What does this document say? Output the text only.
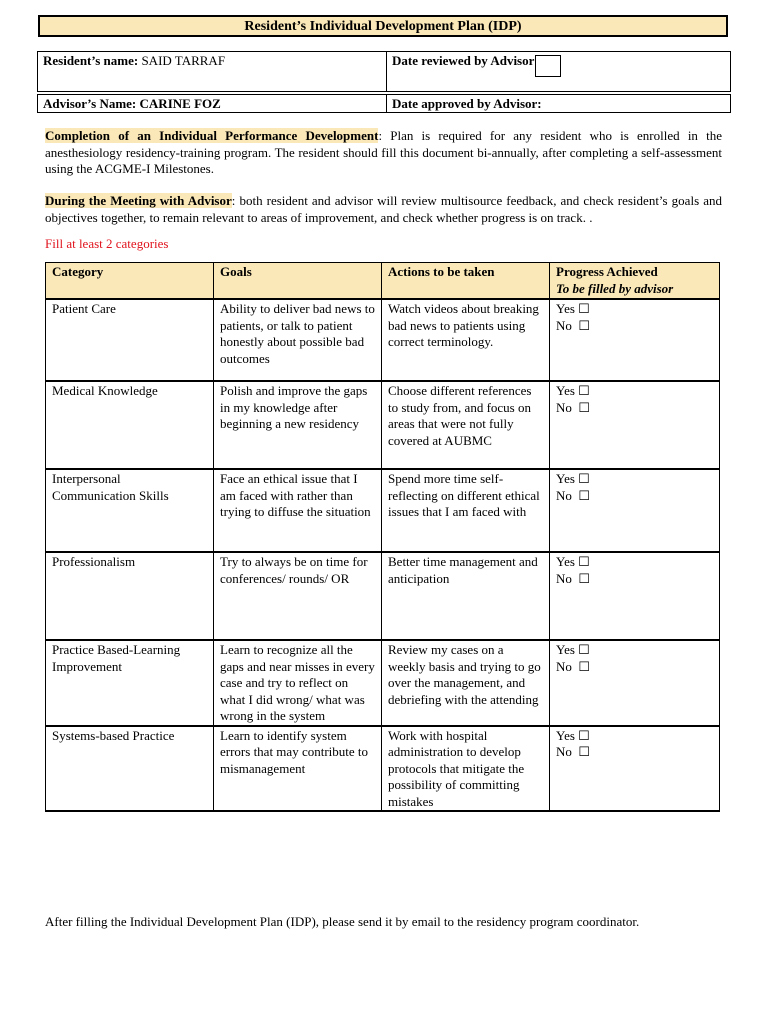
Resident’s Individual Development Plan (IDP)
Resident’s name: SAID TARRAF	Date reviewed by Advisor

Advisor’s Name: CARINE FOZ	Date approved by Advisor:
Completion of an Individual Performance Development: Plan is required for any resident who is enrolled in the anesthesiology residency-training program. The resident should fill this document bi-annually, after completing a self-assessment using the ACGME-I Milestones.
During the Meeting with Advisor: both resident and advisor will review multisource feedback, and check resident’s goals and objectives together, to remain relevant to areas of improvement, and check whether progress is on track. .
Fill at least 2 categories
Category	Goals	Actions to be taken	Progress Achieved
To be filled by advisor

Patient Care	Ability to deliver bad news to patients, or talk to patient honestly about possible bad outcomes	Watch videos about breaking bad news to patients using correct terminology.	Yes ☐
No  ☐

Medical Knowledge	Polish and improve the gaps in my knowledge after beginning a new residency	Choose different references to study from, and focus on areas that were not fully covered at AUBMC	Yes ☐
No  ☐

Interpersonal Communication Skills	Face an ethical issue that I am faced with rather than trying to diffuse the situation	Spend more time self-reflecting on different ethical issues that I am faced with	Yes ☐
No  ☐

Professionalism	Try to always be on time for conferences/ rounds/ OR	Better time management and anticipation	Yes ☐
No  ☐

Practice Based-Learning Improvement	Learn to recognize all the gaps and near misses in every case and try to reflect on what I did wrong/ what was wrong in the system	Review my cases on a weekly basis and trying to go over the management, and debriefing with the attending	Yes ☐
No  ☐

Systems-based Practice	Learn to identify system errors that may contribute to mismanagement	Work with hospital administration to develop protocols that mitigate the possibility of committing mistakes	Yes ☐
No  ☐
After filling the Individual Development Plan (IDP), please send it by email to the residency program coordinator.
